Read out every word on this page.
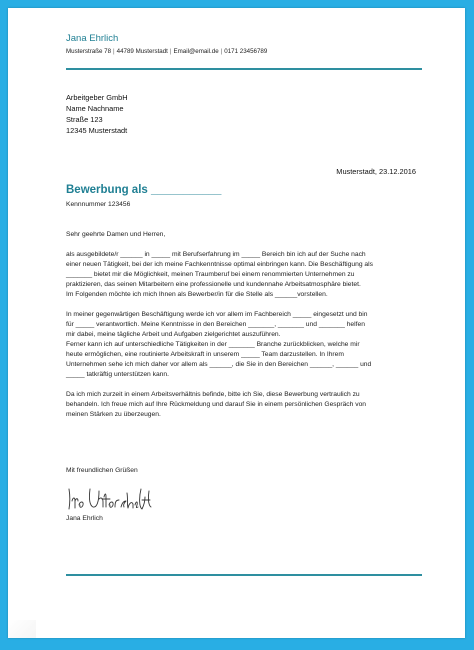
Jana Ehrlich
Musterstraße 78 | 44789 Musterstadt | Email@email.de | 0171 23456789
Arbeitgeber GmbH
Name Nachname
Straße 123
12345 Musterstadt
Musterstadt, 23.12.2016
Bewerbung als ___________
Kennnummer 123456

Sehr geehrte Damen und Herren,

als ausgebildete/r ______ in _____ mit Berufserfahrung im _____ Bereich bin ich auf der Suche nach
einer neuen Tätigkeit, bei der ich meine Fachkenntnisse optimal einbringen kann. Die Beschäftigung als
_______ bietet mir die Möglichkeit, meinen Traumberuf bei einem renommierten Unternehmen zu
praktizieren, das seinen Mitarbeitern eine professionelle und kundennahe Arbeitsatmosphäre bietet.
Im Folgenden möchte ich mich Ihnen als Bewerber/in für die Stelle als ______vorstellen.

In meiner gegenwärtigen Beschäftigung werde ich vor allem im Fachbereich _____ eingesetzt und bin
für _____ verantwortlich. Meine Kenntnisse in den Bereichen _______, _______ und _______ helfen
mir dabei, meine tägliche Arbeit und Aufgaben zielgerichtet auszuführen.
Ferner kann ich auf unterschiedliche Tätigkeiten in der _______ Branche zurückblicken, welche mir
heute ermöglichen, eine routinierte Arbeitskraft in unserem _____ Team darzustellen. In Ihrem
Unternehmen sehe ich mich daher vor allem als ______, die Sie in den Bereichen ______, ______ und
_____ tatkräftig unterstützen kann.

Da ich mich zurzeit in einem Arbeitsverhältnis befinde, bitte ich Sie, diese Bewerbung vertraulich zu
behandeln. Ich freue mich auf Ihre Rückmeldung und darauf Sie in einem persönlichen Gespräch von
meinen Stärken zu überzeugen.

Mit freundlichen Grüßen
Jana Ehrlich
